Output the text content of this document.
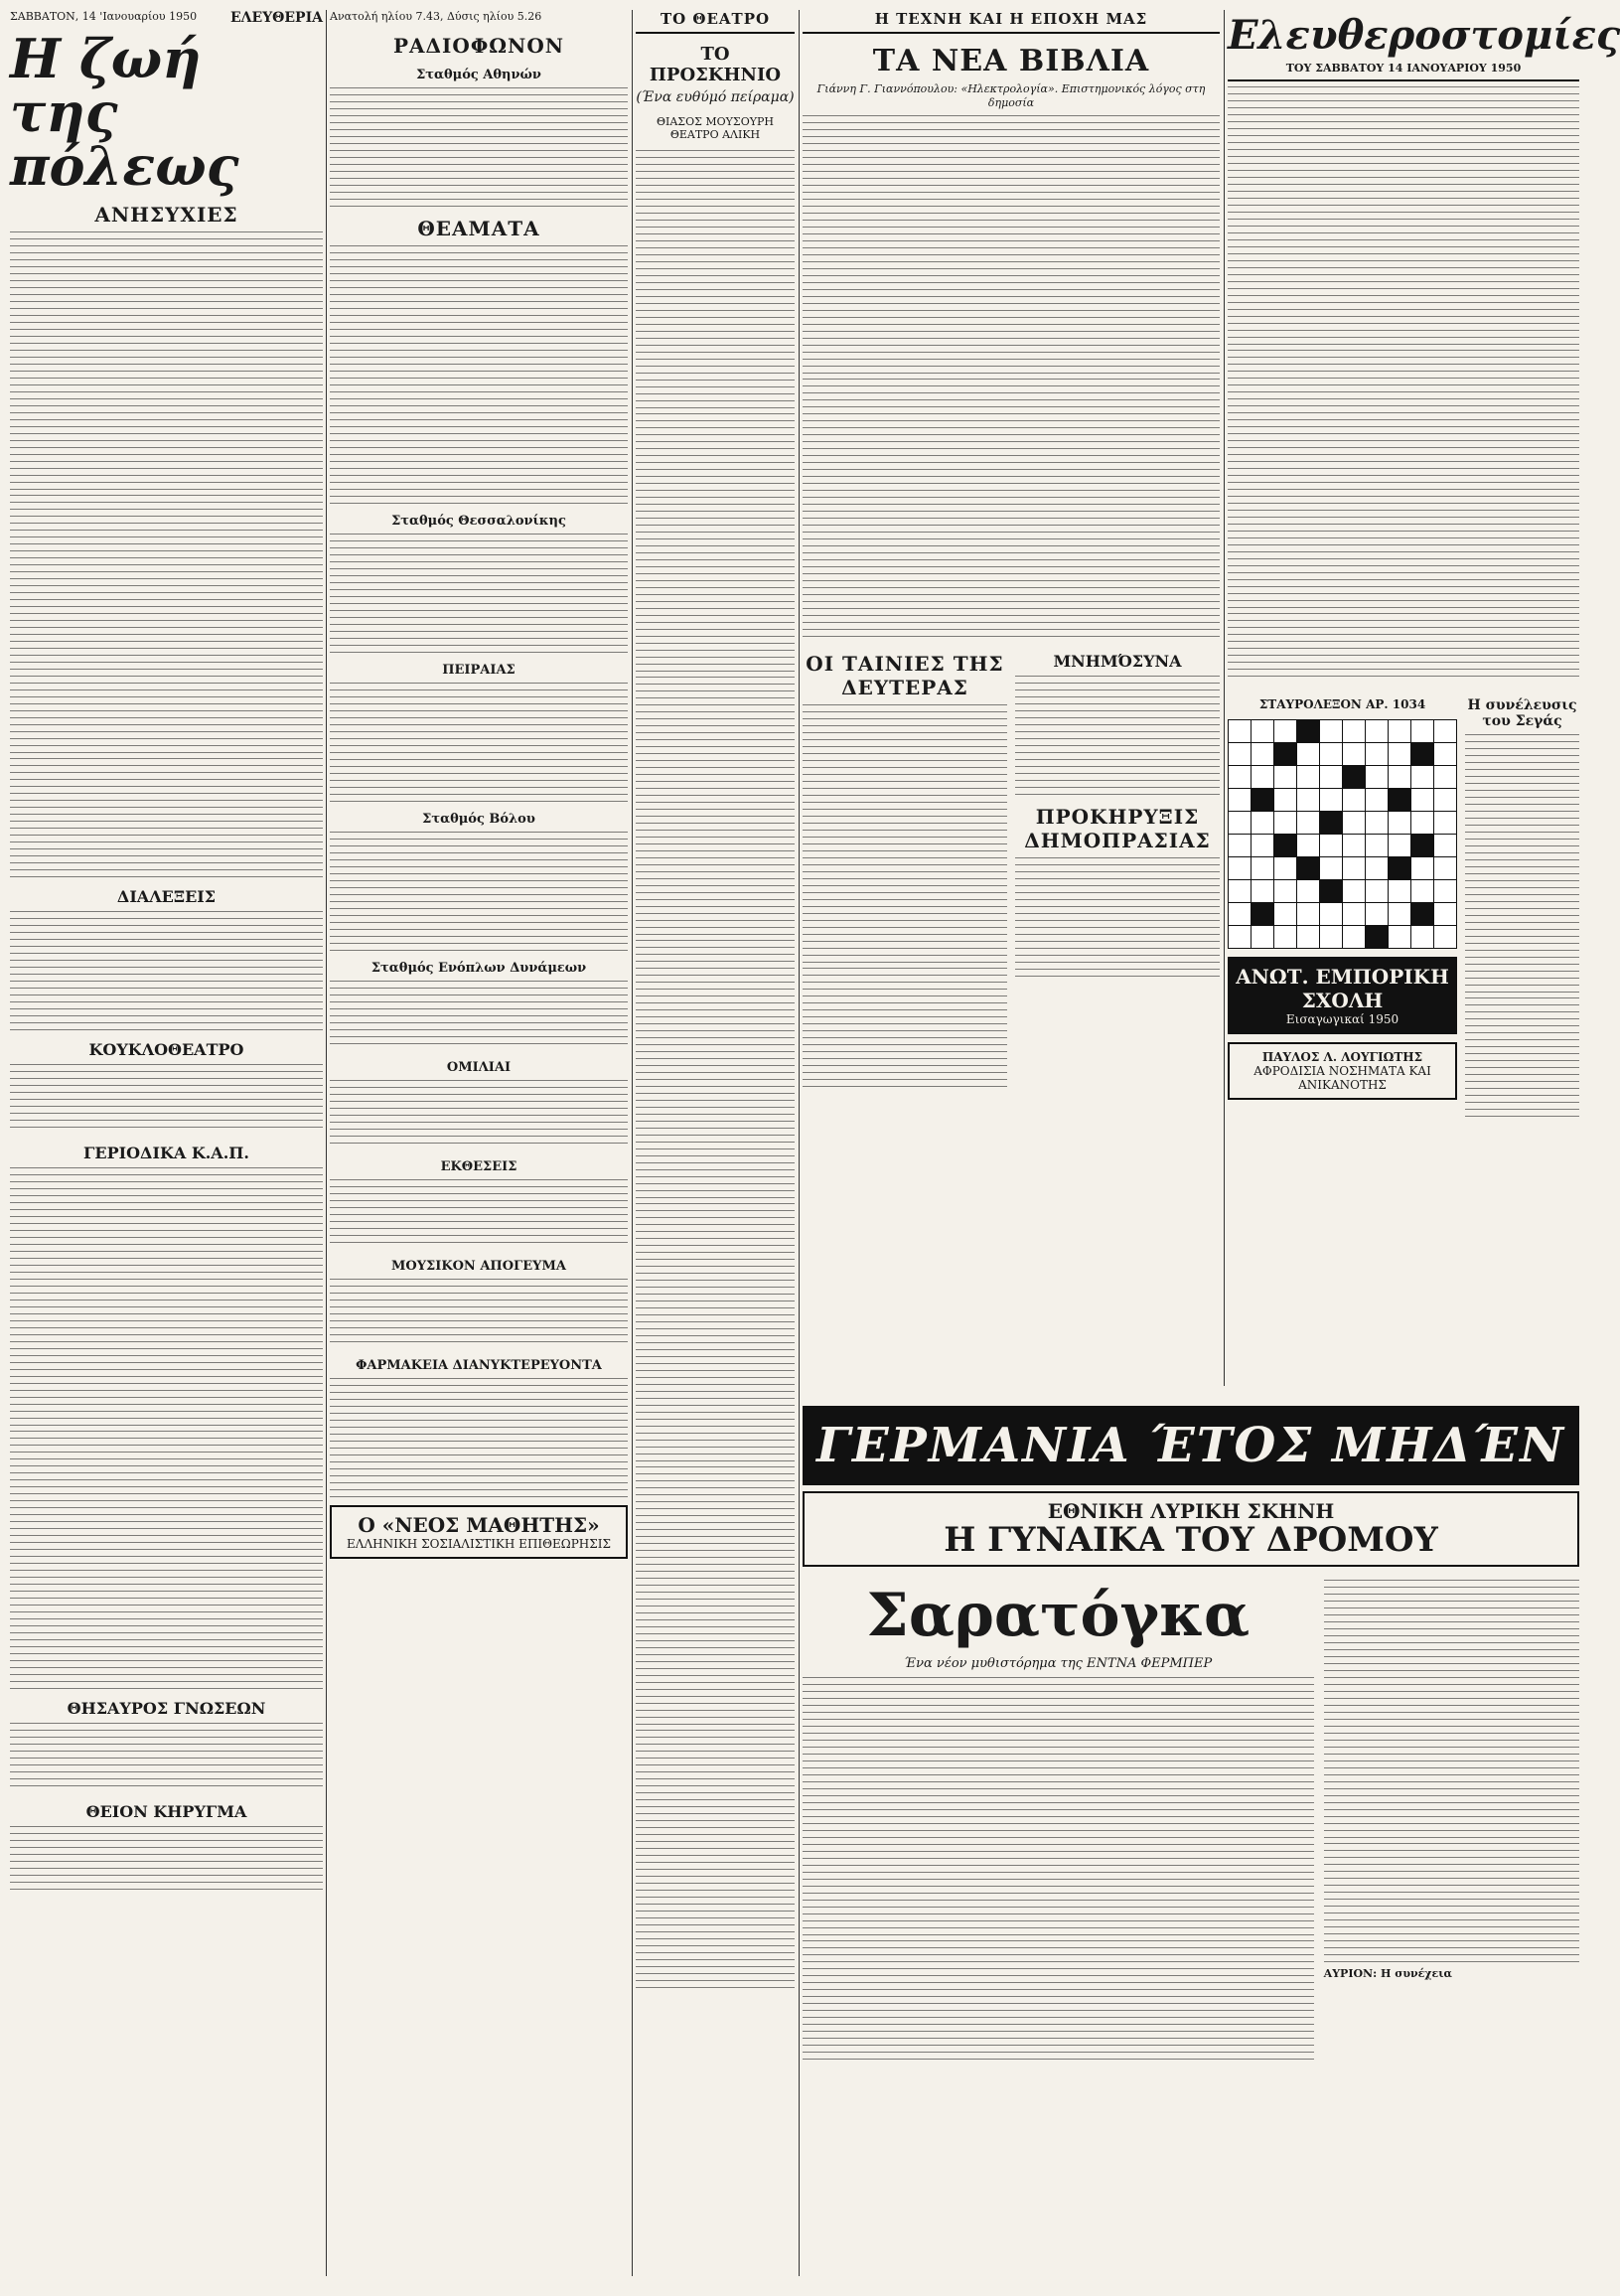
ΣΑΒΒΑΤΟΝ, 14 'Ιανουαρίου 1950 ΕΛΕΥΘΕΡΙΑ
Η ζωή της πόλεως
ΑΝΗΣΥΧΙΕΣ
ΔΙΑΛΕΞΕΙΣ
ΚΟΥΚΛΟΘΕΑΤΡΟ
ΓΕΡΙΟΔΙΚΑ Κ.Α.Π.
ΘΗΣΑΥΡΟΣ ΓΝΩΣΕΩΝ
ΘΕΙΟΝ ΚΗΡΥΓΜΑ
Ανατολή ηλίου 7.43, Δύσις ηλίου 5.26
ΡΑΔΙΟΦΩΝΟΝ
Σταθμός Αθηνών
ΘΕΑΜΑΤΑ
Σταθμός Θεσσαλονίκης
ΠΕΙΡΑΙΑΣ
Σταθμός Βόλου
Σταθμός Ενόπλων Δυνάμεων
ΟΜΙΛΙΑΙ
ΕΚΘΕΣΕΙΣ
ΜΟΥΣΙΚΟΝ ΑΠΟΓΕΥΜΑ
ΦΑΡΜΑΚΕΙΑ ΔΙΑΝΥΚΤΕΡΕΥΟΝΤΑ
Ο «ΝΕΟΣ ΜΑΘΗΤΗΣ»
ΕΛΛΗΝΙΚΗ ΣΟΣΙΑΛΙΣΤΙΚΗ ΕΠΙΘΕΩΡΗΣΙΣ
ΤΟ ΘΕΑΤΡΟ
ΤΟ ΠΡΟΣΚΗΝΙΟ
(Ένα ευθύμό πείραμα)
ΘΙΑΣΟΣ ΜΟΥΣΟΥΡΗ ΘΕΑΤΡΟ ΑΛΙΚΗ
Η ΤΕΧΝΗ ΚΑΙ Η ΕΠΟΧΗ ΜΑΣ
ΤΑ ΝΕΑ ΒΙΒΛΙΑ
Γιάννη Γ. Γιαννόπουλου: «Ηλεκτρολογία». Επιστημονικός λόγος στη δημοσία
ΟΙ ΤΑΙΝΙΕΣ ΤΗΣ ΔΕΥΤΕΡΑΣ
ΜΝΗΜΌΣΥΝΑ
ΠΡΟΚΗΡΥΞΙΣ ΔΗΜΟΠΡΑΣΙΑΣ
Ελευθεροστομίες
ΤΟΥ ΣΑΒΒΑΤΟΥ 14 ΙΑΝΟΥΑΡΙΟΥ 1950
ΣΤΑΥΡΟΛΕΞΟΝ ΑΡ. 1034
ΑΝΩΤ. ΕΜΠΟΡΙΚΗ ΣΧΟΛΗ
Εισαγωγικαί 1950
ΠΑΥΛΟΣ Λ. ΛΟΥΓΙΩΤΗΣ
ΑΦΡΟΔΙΣΙΑ ΝΟΣΗΜΑΤΑ ΚΑΙ ΑΝΙΚΑΝΟΤΗΣ
Η συνέλευσις του Σεγάς
ΓΕΡΜΑΝΙΑ ΈΤΟΣ ΜΗΔΈΝ
ΕΘΝΙΚΗ ΛΥΡΙΚΗ ΣΚΗΝΗ
Η ΓΥΝΑΙΚΑ ΤΟΥ ΔΡΟΜΟΥ
Σαρατόγκα
Ένα νέον μυθιστόρημα της ΕΝΤΝΑ ΦΕΡΜΠΕΡ
ΑΥΡΙΟΝ: Η συνέχεια
